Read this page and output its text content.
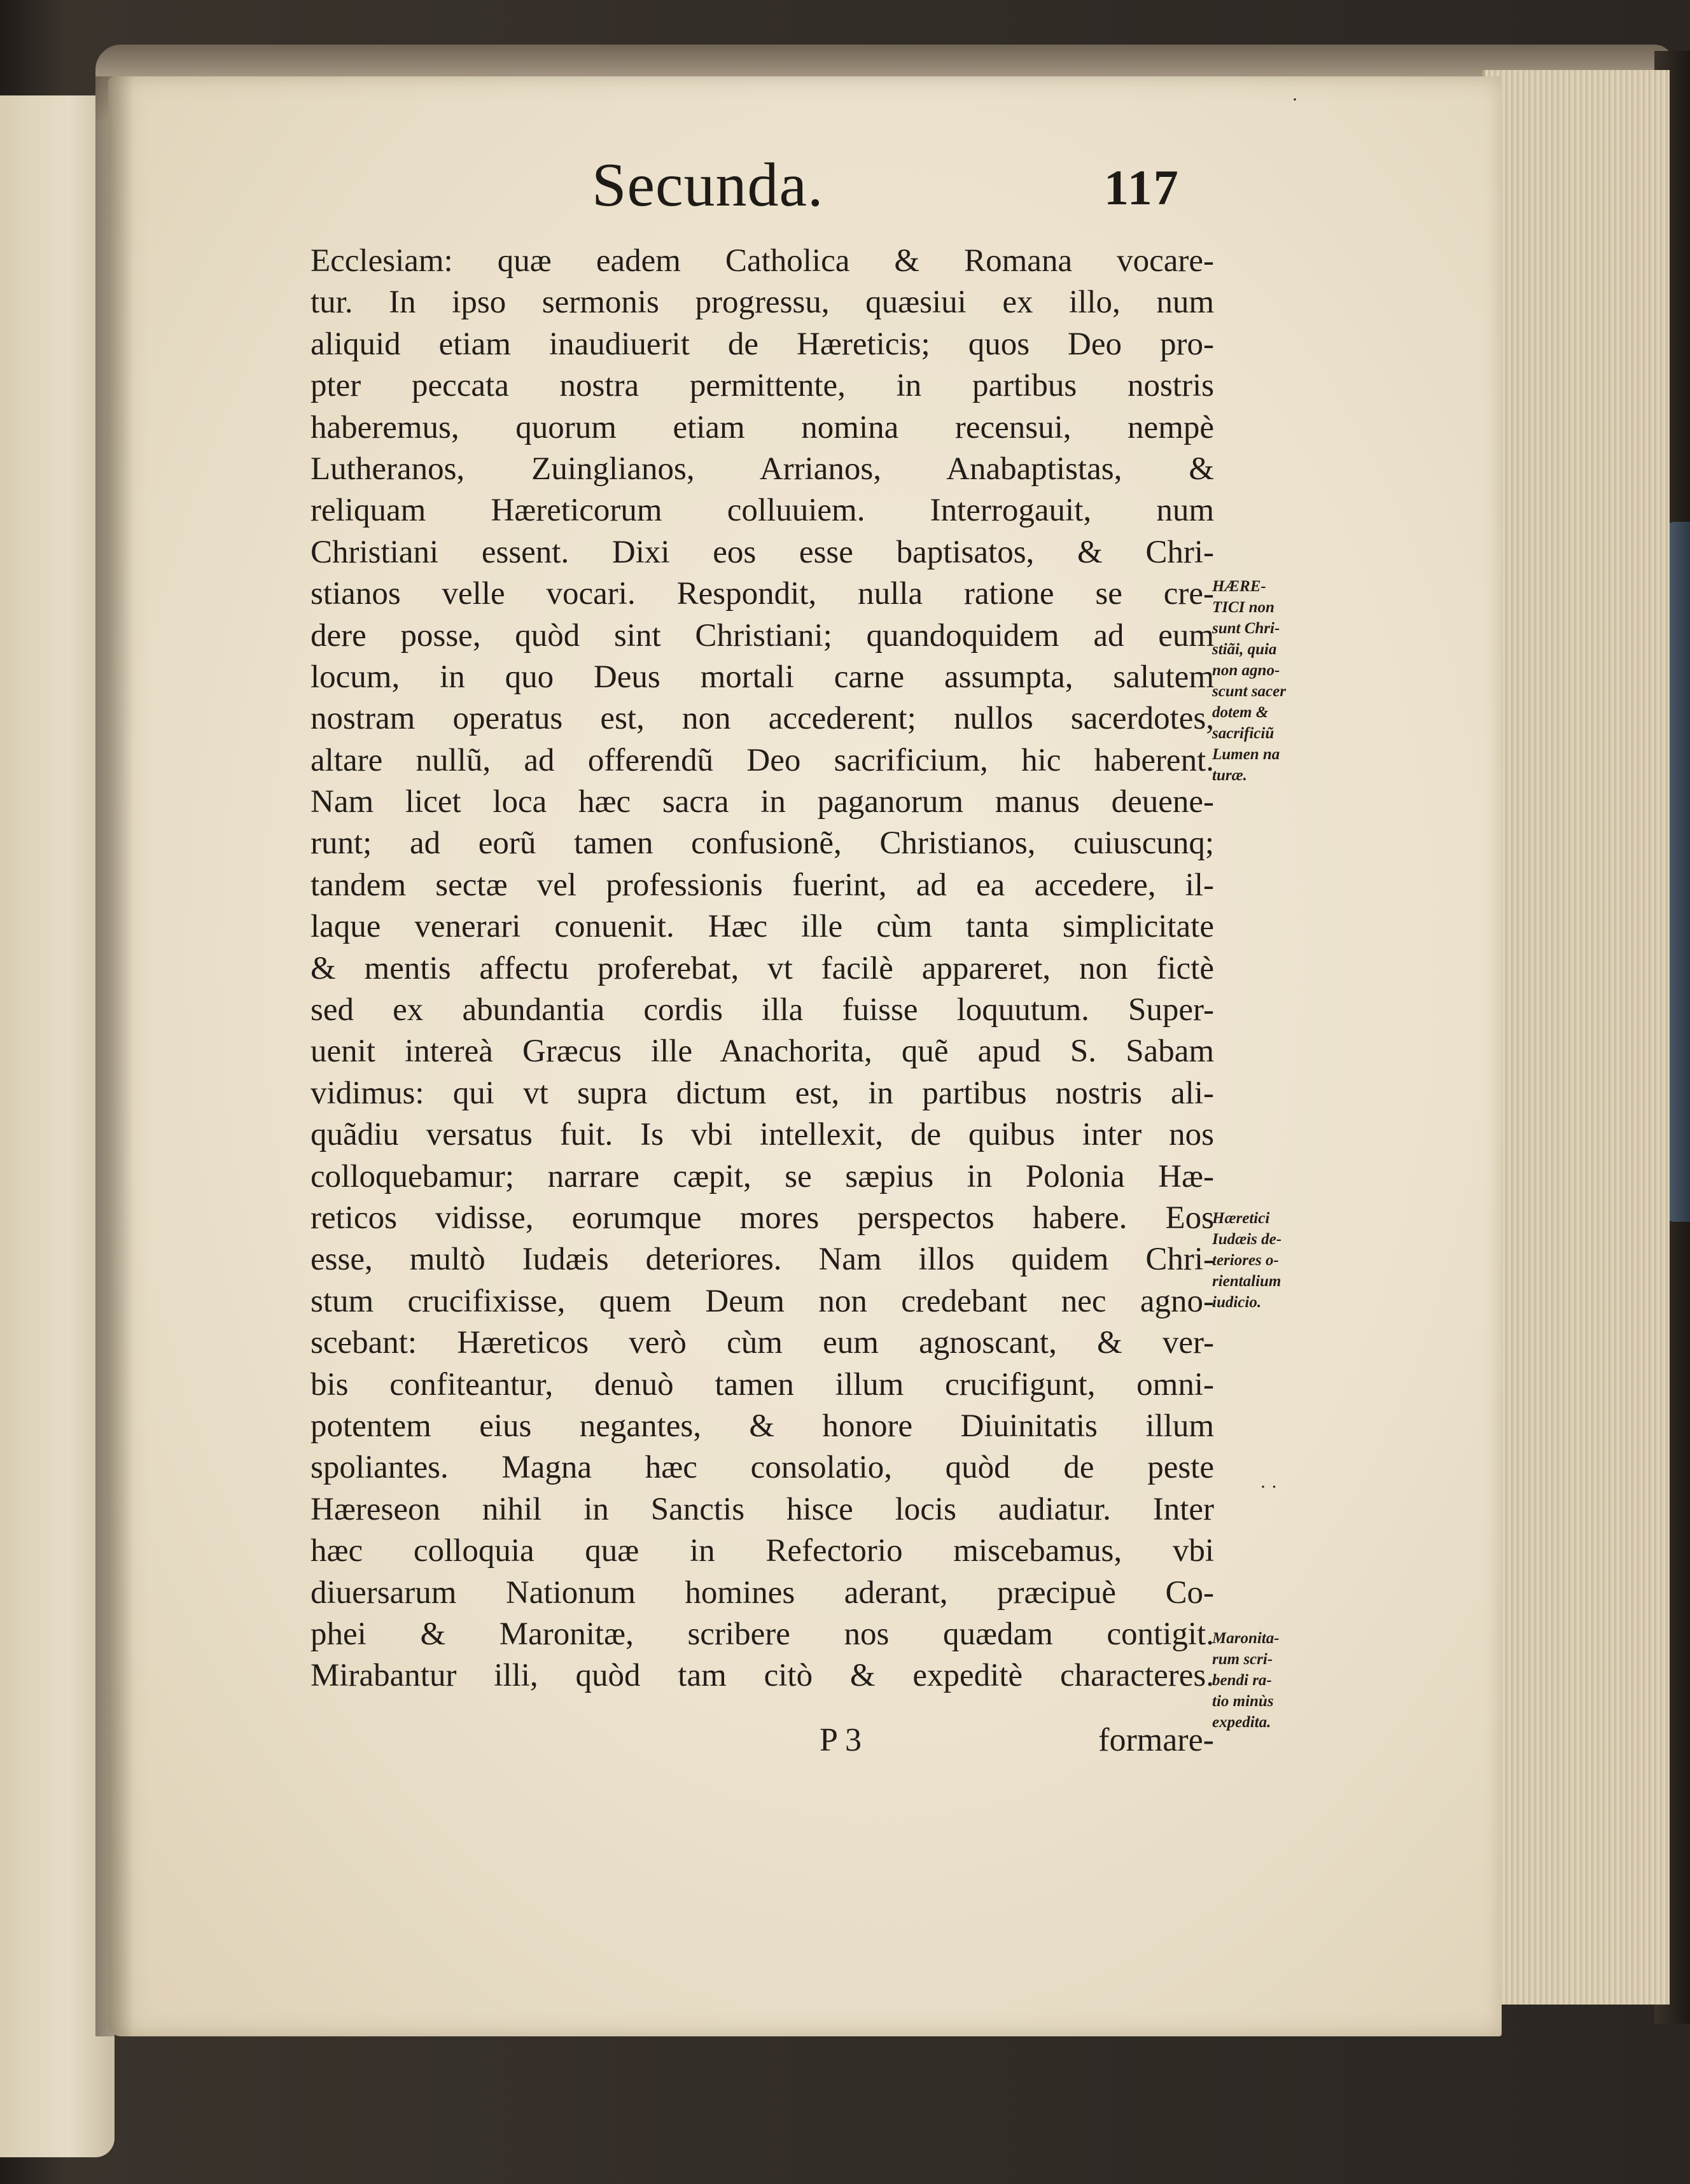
Secunda.	117
Ecclesiam: quæ eadem Catholica & Romana vocare-
tur. In ipso sermonis progressu, quæsiui ex illo, num
aliquid etiam inaudiuerit de Hæreticis; quos Deo pro-
pter peccata nostra permittente, in partibus nostris
haberemus, quorum etiam nomina recensui, nempè
Lutheranos, Zuinglianos, Arrianos, Anabaptistas, &
reliquam Hæreticorum colluuiem. Interrogauit, num
Christiani essent. Dixi eos esse baptisatos, & Chri-
stianos velle vocari. Respondit, nulla ratione se cre-
dere posse, quòd sint Christiani; quandoquidem ad eum
locum, in quo Deus mortali carne assumpta, salutem
nostram operatus est, non accederent; nullos sacerdotes,
altare nullũ, ad offerendũ Deo sacrificium, hic haberent.
Nam licet loca hæc sacra in paganorum manus deuene-
runt; ad eorũ tamen confusionẽ, Christianos, cuiuscunq;
tandem sectæ vel professionis fuerint, ad ea accedere, il-
laque venerari conuenit. Hæc ille cùm tanta simplicitate
& mentis affectu proferebat, vt facilè appareret, non fictè
sed ex abundantia cordis illa fuisse loquutum. Super-
uenit intereà Græcus ille Anachorita, quẽ apud S. Sabam
vidimus: qui vt supra dictum est, in partibus nostris ali-
quãdiu versatus fuit. Is vbi intellexit, de quibus inter nos
colloquebamur; narrare cæpit, se sæpius in Polonia Hæ-
reticos vidisse, eorumque mores perspectos habere. Eos
esse, multò Iudæis deteriores. Nam illos quidem Chri-
stum crucifixisse, quem Deum non credebant nec agno-
scebant: Hæreticos verò cùm eum agnoscant, & ver-
bis confiteantur, denuò tamen illum crucifigunt, omni-
potentem eius negantes, & honore Diuinitatis illum
spoliantes. Magna hæc consolatio, quòd de peste
Hæreseon nihil in Sanctis hisce locis audiatur. Inter
hæc colloquia quæ in Refectorio miscebamus, vbi
diuersarum Nationum homines aderant, præcipuè Co-
phei & Maronitæ, scribere nos quædam contigit.
Mirabantur illi, quòd tam citò & expeditè characteres.
P 3	formare-
HÆRE-
TICI non
sunt Chri-
stiãi, quia
non agno-
scunt sacer
dotem &
sacrificiũ
Lumen na
turæ.
Hæretici
Iudæis de-
teriores o-
rientalium
iudicio.
Maronita-
rum scri-
bendi ra-
tio minùs
expedita.
· ·
·
